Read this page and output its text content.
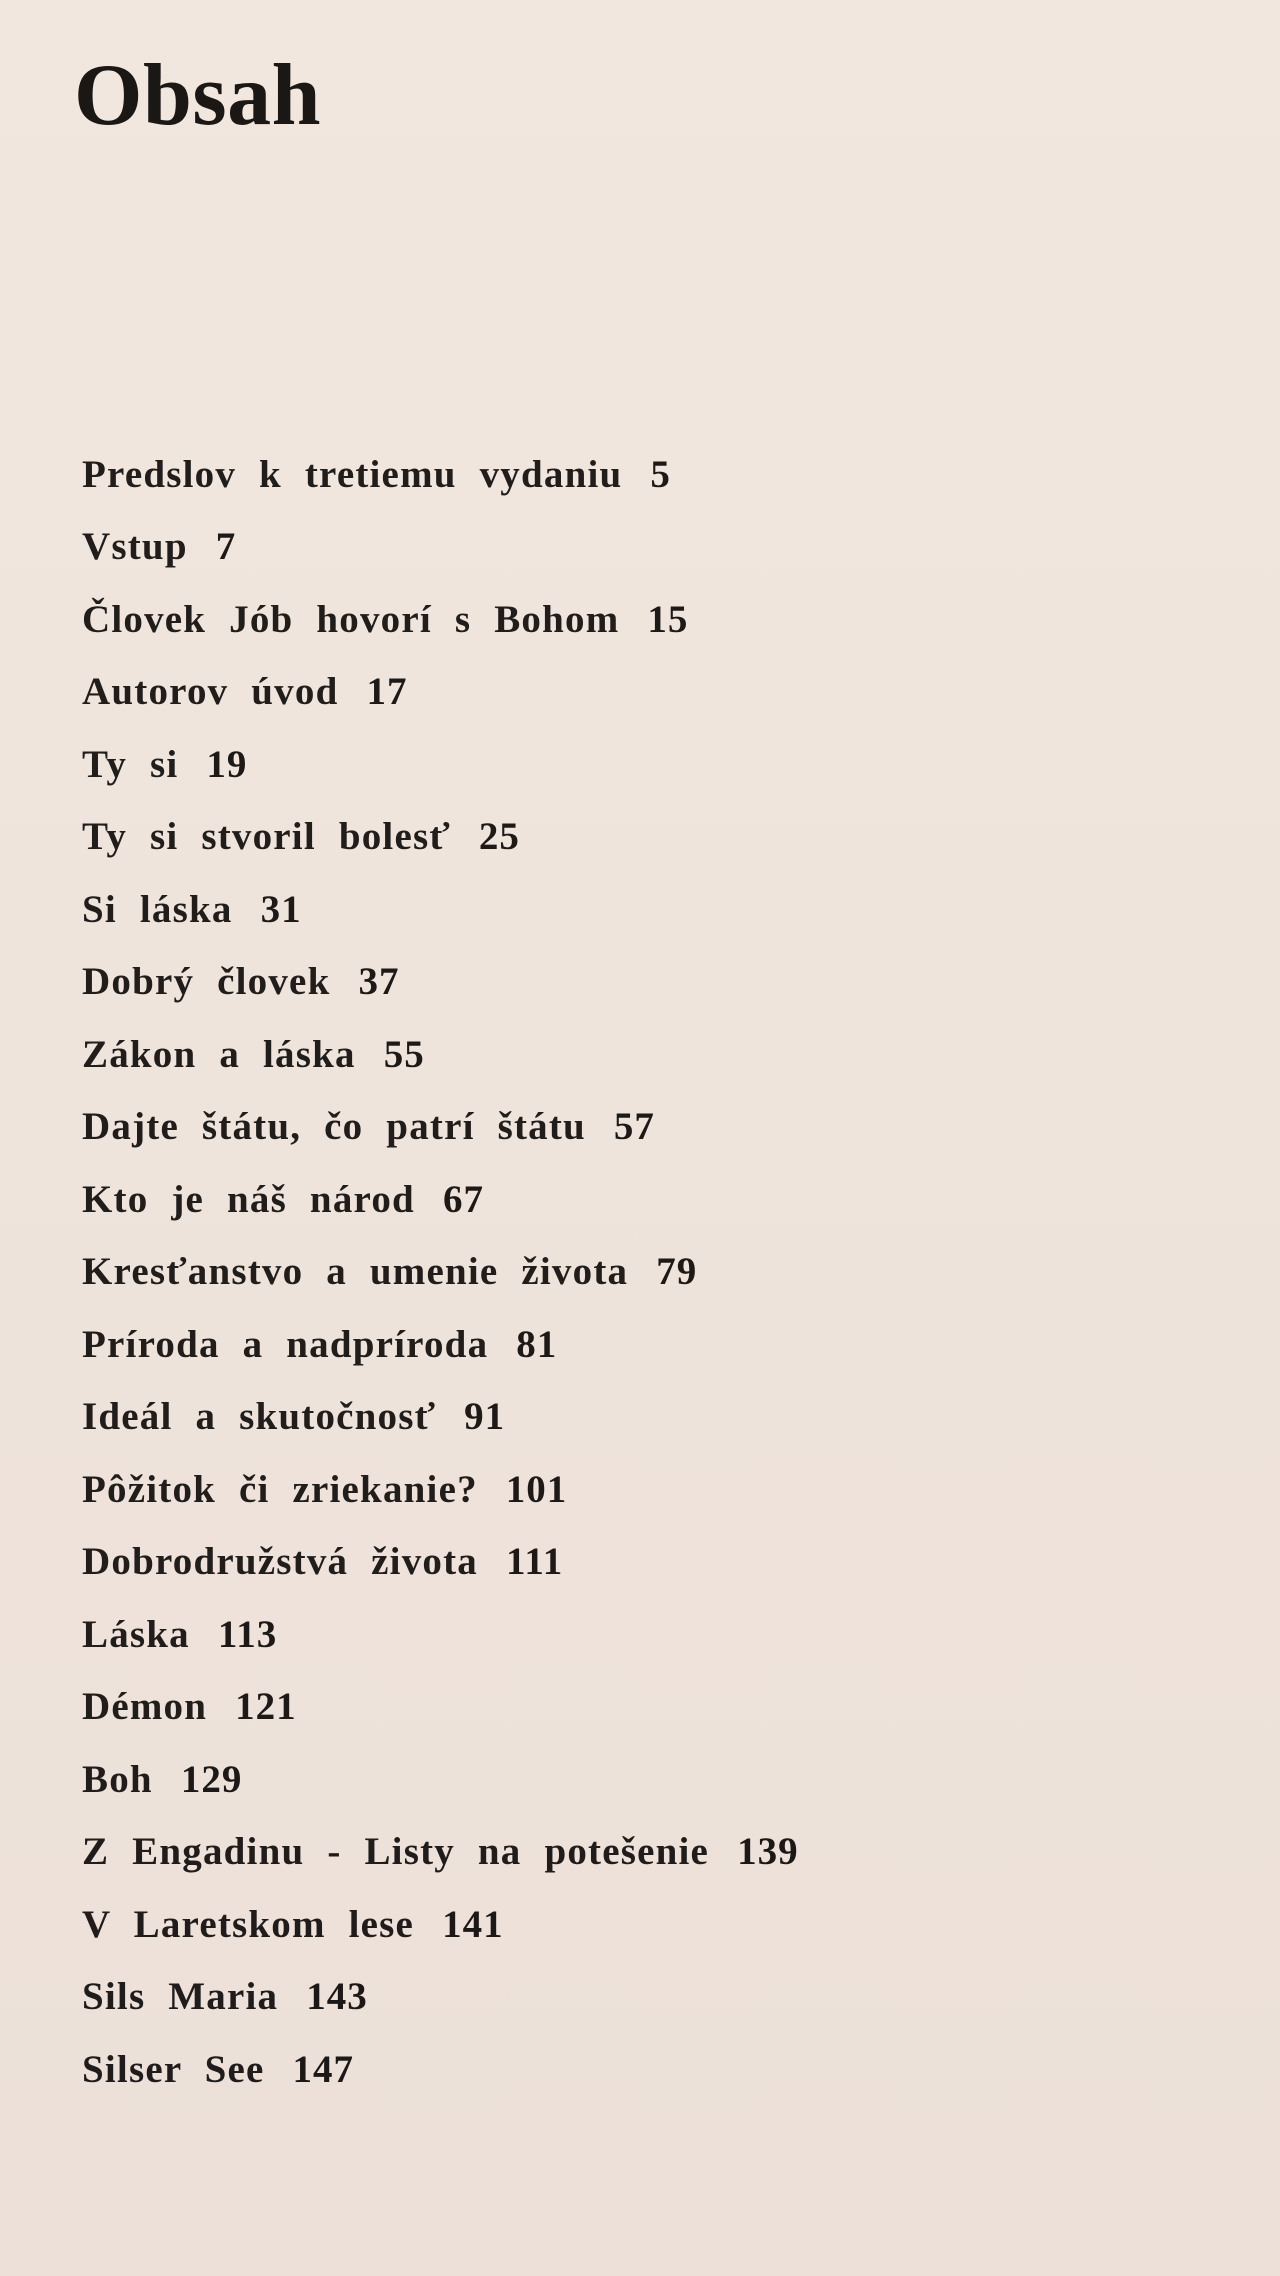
Obsah
Predslov k tretiemu vydaniu 5
Vstup 7
Človek Jób hovorí s Bohom 15
Autorov úvod 17
Ty si 19
Ty si stvoril bolesť 25
Si láska 31
Dobrý človek 37
Zákon a láska 55
Dajte štátu, čo patrí štátu 57
Kto je náš národ 67
Kresťanstvo a umenie života 79
Príroda a nadpríroda 81
Ideál a skutočnosť 91
Pôžitok či zriekanie? 101
Dobrodružstvá života 111
Láska 113
Démon 121
Boh 129
Z Engadinu - Listy na potešenie 139
V Laretskom lese 141
Sils Maria 143
Silser See 147
